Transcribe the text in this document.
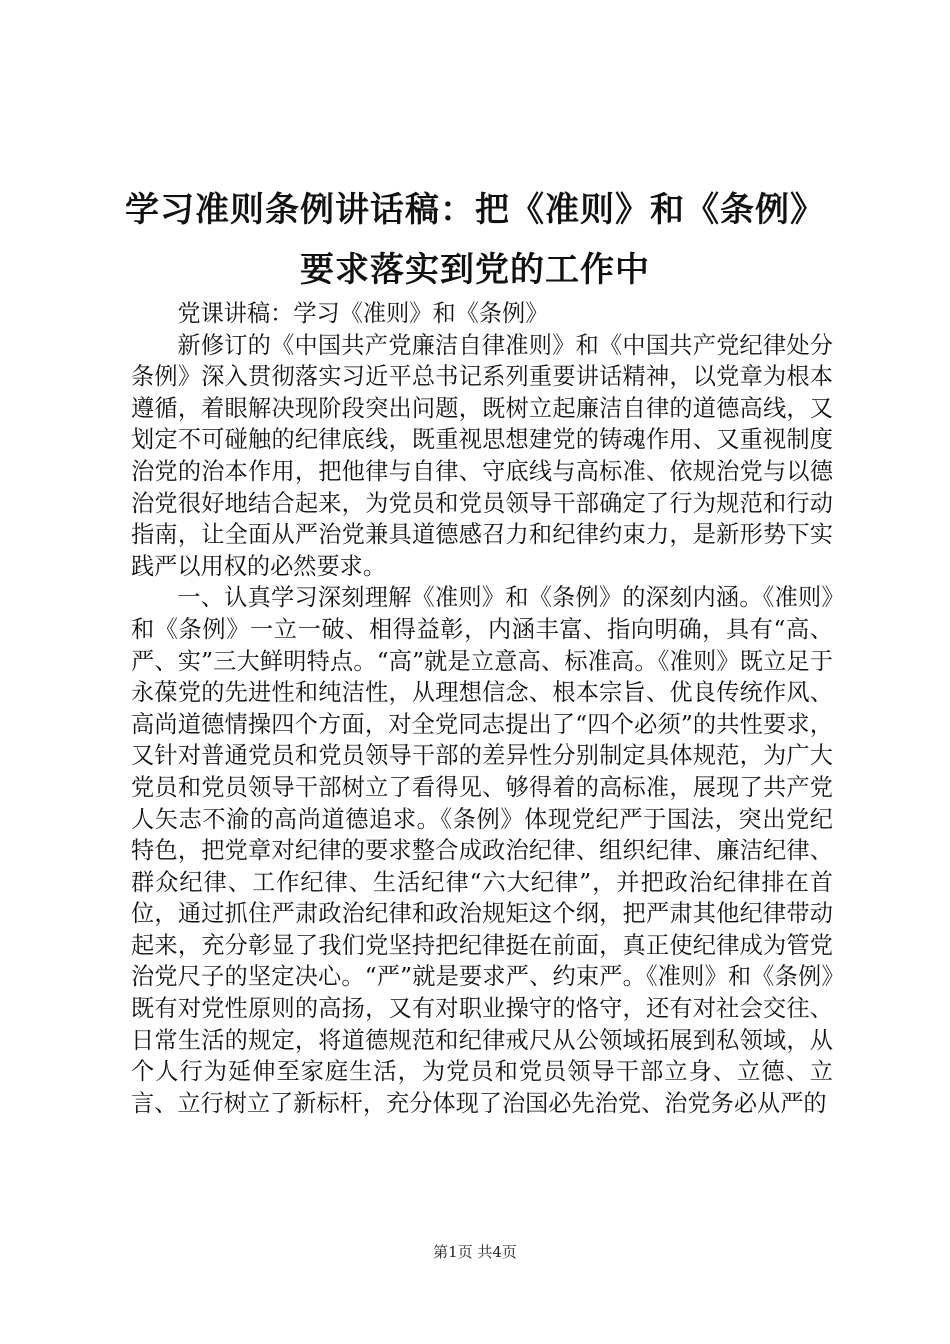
学习准则条例讲话稿：把《准则》和《条例》
要求落实到党的工作中

党课讲稿：学习《准则》和《条例》

新修订的《中国共产党廉洁自律准则》和《中国共产党纪律处分条例》深入贯彻落实习近平总书记系列重要讲话精神，以党章为根本遵循，着眼解决现阶段突出问题，既树立起廉洁自律的道德高线，又划定不可碰触的纪律底线，既重视思想建党的铸魂作用、又重视制度治党的治本作用，把他律与自律、守底线与高标准、依规治党与以德治党很好地结合起来，为党员和党员领导干部确定了行为规范和行动指南，让全面从严治党兼具道德感召力和纪律约束力，是新形势下实践严以用权的必然要求。

一、认真学习深刻理解《准则》和《条例》的深刻内涵。《准则》和《条例》一立一破、相得益彰，内涵丰富、指向明确，具有“高、严、实”三大鲜明特点。“高”就是立意高、标准高。《准则》既立足于永葆党的先进性和纯洁性，从理想信念、根本宗旨、优良传统作风、高尚道德情操四个方面，对全党同志提出了“四个必须”的共性要求，又针对普通党员和党员领导干部的差异性分别制定具体规范，为广大党员和党员领导干部树立了看得见、够得着的高标准，展现了共产党人矢志不渝的高尚道德追求。《条例》体现党纪严于国法，突出党纪特色，把党章对纪律的要求整合成政治纪律、组织纪律、廉洁纪律、群众纪律、工作纪律、生活纪律“六大纪律”，并把政治纪律排在首位，通过抓住严肃政治纪律和政治规矩这个纲，把严肃其他纪律带动起来，充分彰显了我们党坚持把纪律挺在前面，真正使纪律成为管党治党尺子的坚定决心。“严”就是要求严、约束严。《准则》和《条例》既有对党性原则的高扬，又有对职业操守的恪守，还有对社会交往、日常生活的规定，将道德规范和纪律戒尺从公领域拓展到私领域，从个人行为延伸至家庭生活，为党员和党员领导干部立身、立德、立言、立行树立了新标杆，充分体现了治国必先治党、治党务必从严的

第1页 共4页
